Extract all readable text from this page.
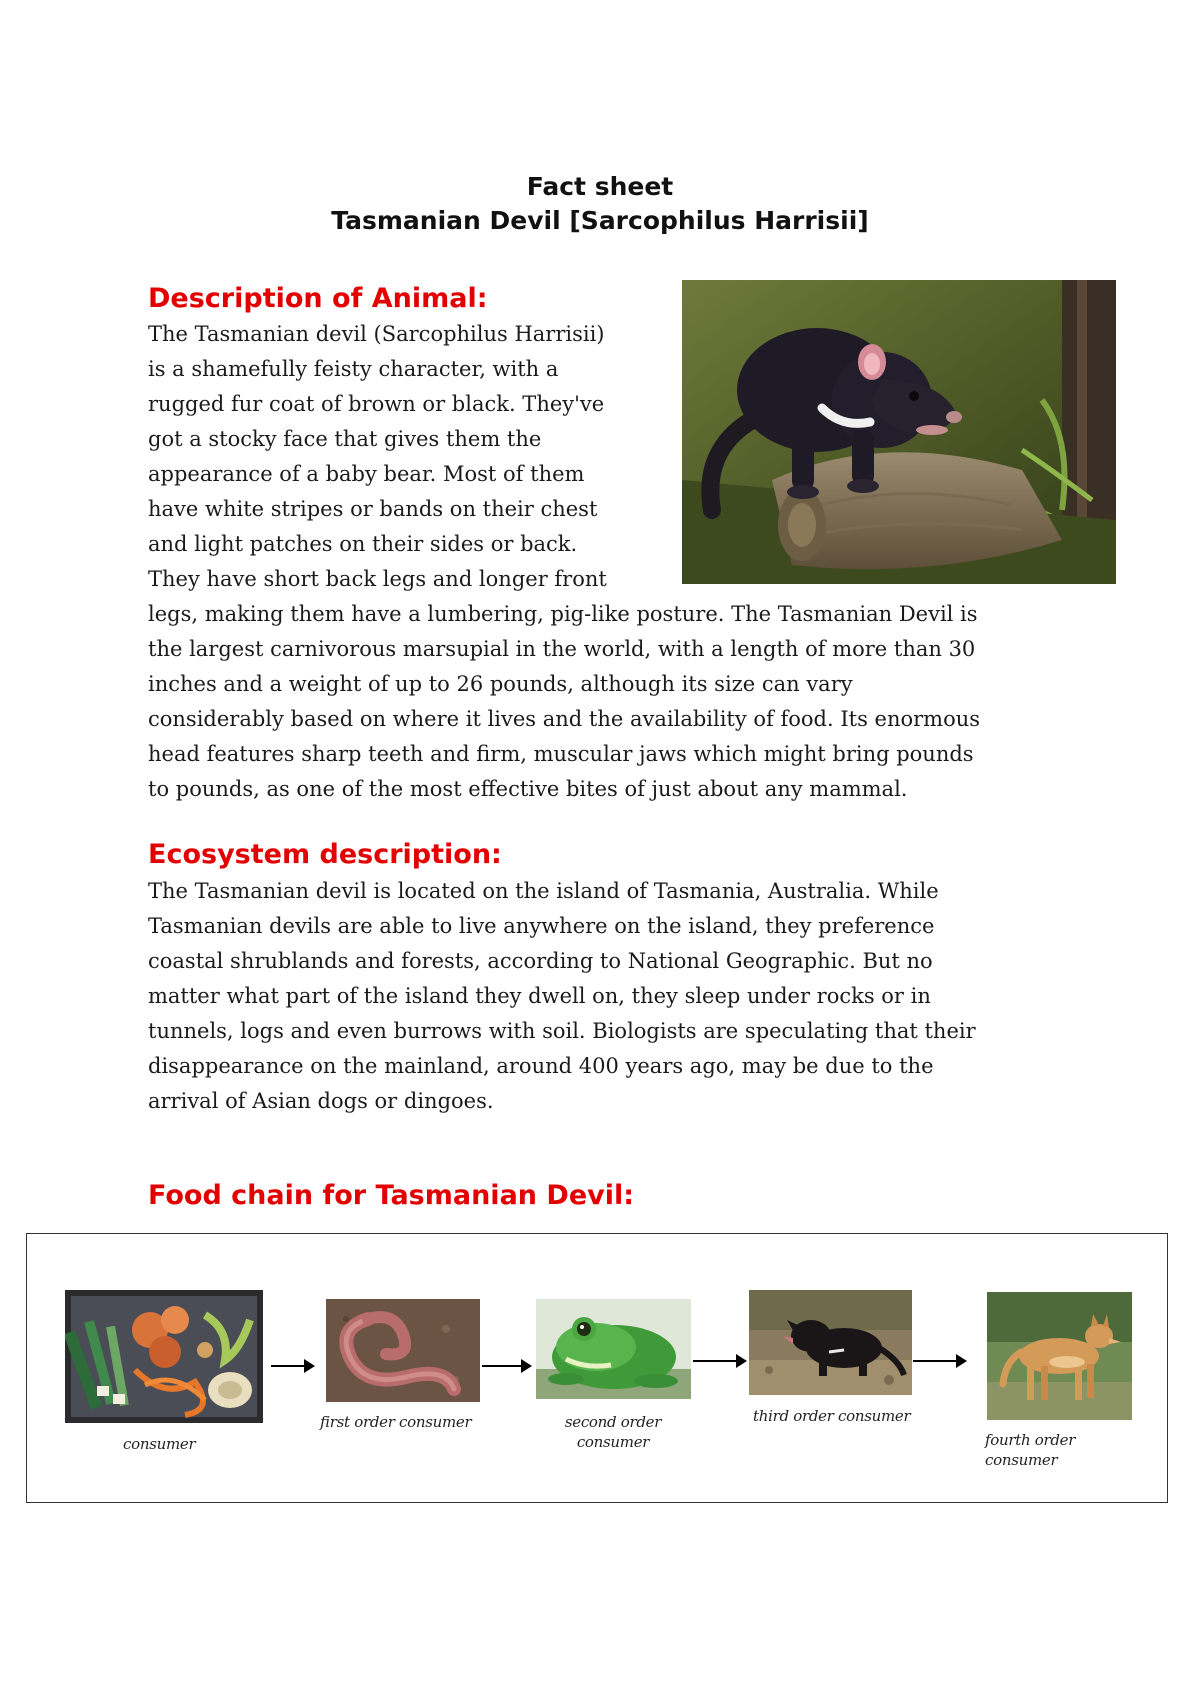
Fact sheet
Tasmanian Devil [Sarcophilus Harrisii]
Description of Animal:
The Tasmanian devil (Sarcophilus Harrisii)
is a shamefully feisty character, with a
rugged fur coat of brown or black. They've
got a stocky face that gives them the
appearance of a baby bear. Most of them
have white stripes or bands on their chest
and light patches on their sides or back.
They have short back legs and longer front
legs, making them have a lumbering, pig-like posture. The Tasmanian Devil is
the largest carnivorous marsupial in the world, with a length of more than 30
inches and a weight of up to 26 pounds, although its size can vary
considerably based on where it lives and the availability of food. Its enormous
head features sharp teeth and firm, muscular jaws which might bring pounds
to pounds, as one of the most effective bites of just about any mammal.
Ecosystem description:
The Tasmanian devil is located on the island of Tasmania, Australia. While
Tasmanian devils are able to live anywhere on the island, they preference
coastal shrublands and forests, according to National Geographic. But no
matter what part of the island they dwell on, they sleep under rocks or in
tunnels, logs and even burrows with soil. Biologists are speculating that their
disappearance on the mainland, around 400 years ago, may be due to the
arrival of Asian dogs or dingoes.
Food chain for Tasmanian Devil:
consumer
first order consumer	second order
consumer
third order consumer
fourth order
consumer
